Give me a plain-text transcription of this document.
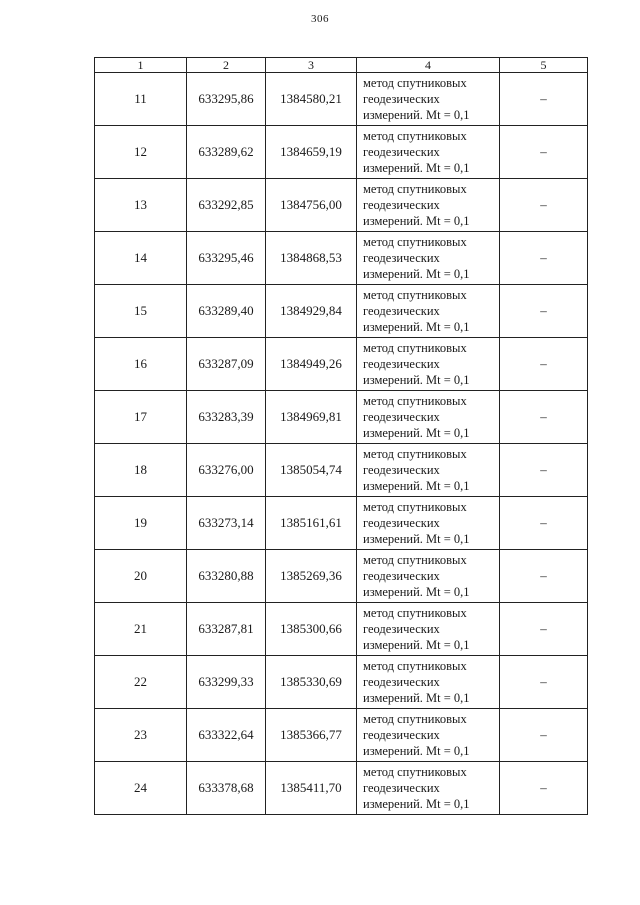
306
1	2	3	4	5
11	633295,86	1384580,21	метод спутниковых
геодезических
измерений. Mt = 0,1	–
12	633289,62	1384659,19	метод спутниковых
геодезических
измерений. Mt = 0,1	–
13	633292,85	1384756,00	метод спутниковых
геодезических
измерений. Mt = 0,1	–
14	633295,46	1384868,53	метод спутниковых
геодезических
измерений. Mt = 0,1	–
15	633289,40	1384929,84	метод спутниковых
геодезических
измерений. Mt = 0,1	–
16	633287,09	1384949,26	метод спутниковых
геодезических
измерений. Mt = 0,1	–
17	633283,39	1384969,81	метод спутниковых
геодезических
измерений. Mt = 0,1	–
18	633276,00	1385054,74	метод спутниковых
геодезических
измерений. Mt = 0,1	–
19	633273,14	1385161,61	метод спутниковых
геодезических
измерений. Mt = 0,1	–
20	633280,88	1385269,36	метод спутниковых
геодезических
измерений. Mt = 0,1	–
21	633287,81	1385300,66	метод спутниковых
геодезических
измерений. Mt = 0,1	–
22	633299,33	1385330,69	метод спутниковых
геодезических
измерений. Mt = 0,1	–
23	633322,64	1385366,77	метод спутниковых
геодезических
измерений. Mt = 0,1	–
24	633378,68	1385411,70	метод спутниковых
геодезических
измерений. Mt = 0,1	–
